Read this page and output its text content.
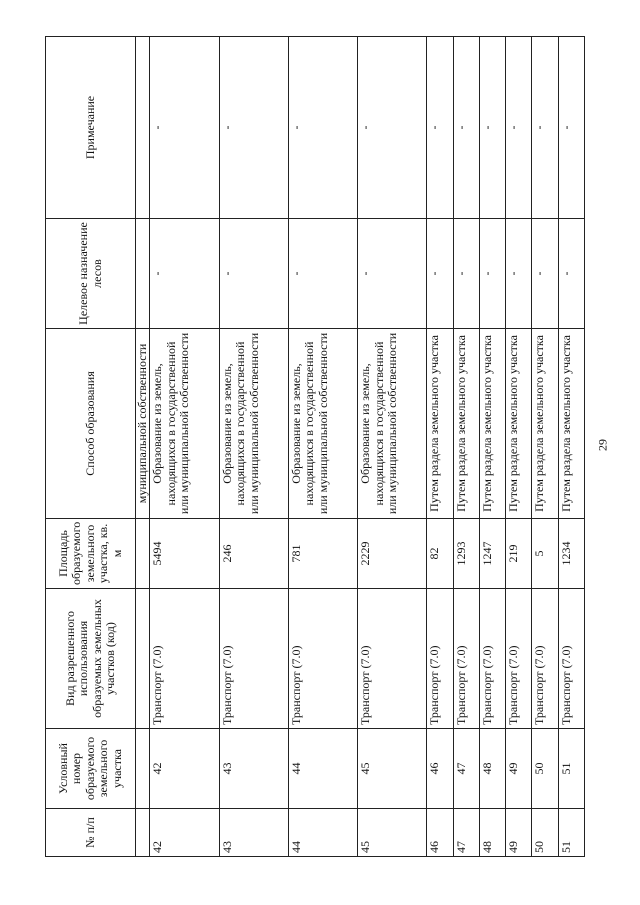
29
№ п/п	Условный номер образуемого земельного участка	Вид разрешенного использования образуемых земельных участков (код)	Площадь образуемого земельного участка, кв. м	Способ образования	Целевое назначение лесов	Примечание
				муниципальной собственности		
42	42	Транспорт (7.0)	5494	Образование из земель, находящихся в государственной или муниципальной собственности	-	-
43	43	Транспорт (7.0)	246	Образование из земель, находящихся в государственной или муниципальной собственности	-	-
44	44	Транспорт (7.0)	781	Образование из земель, находящихся в государственной или муниципальной собственности	-	-
45	45	Транспорт (7.0)	2229	Образование из земель, находящихся в государственной или муниципальной собственности	-	-
46	46	Транспорт (7.0)	82	Путем раздела земельного участка	-	-
47	47	Транспорт (7.0)	1293	Путем раздела земельного участка	-	-
48	48	Транспорт (7.0)	1247	Путем раздела земельного участка	-	-
49	49	Транспорт (7.0)	219	Путем раздела земельного участка	-	-
50	50	Транспорт (7.0)	5	Путем раздела земельного участка	-	-
51	51	Транспорт (7.0)	1234	Путем раздела земельного участка	-	-
